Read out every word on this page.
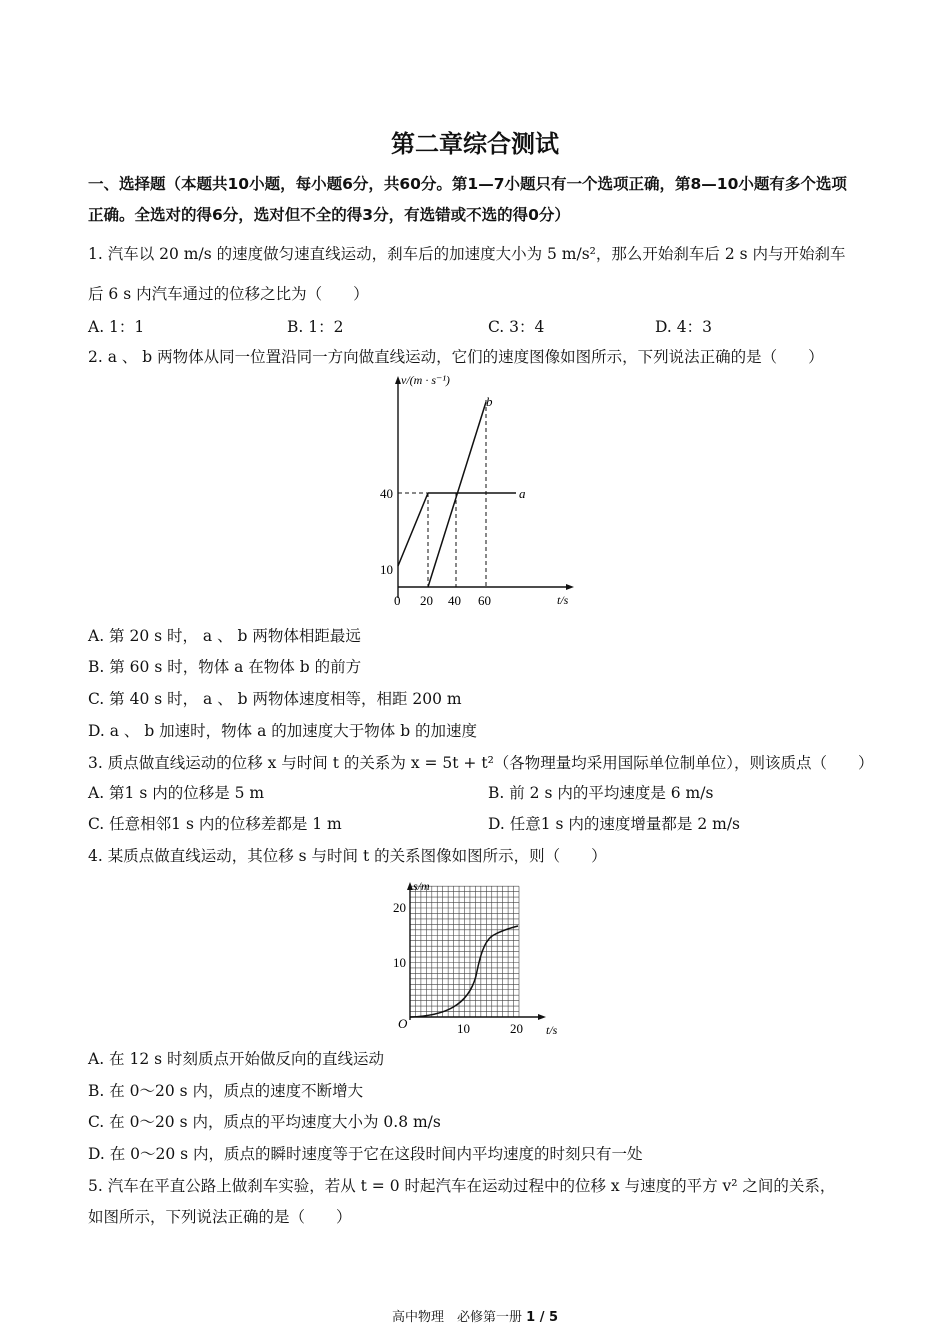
第二章综合测试
一、选择题（本题共10小题，每小题6分，共60分。第1—7小题只有一个选项正确，第8—10小题有多个选项
正确。全选对的得6分，选对但不全的得3分，有选错或不选的得0分）
1. 汽车以 20 m/s 的速度做匀速直线运动，刹车后的加速度大小为 5 m/s²，那么开始刹车后 2 s 内与开始刹车
后 6 s 内汽车通过的位移之比为（　　）
A. 1：1	B. 1：2	C. 3：4	D. 4：3
2. a 、 b 两物体从同一位置沿同一方向做直线运动，它们的速度图像如图所示，下列说法正确的是（　　）
v/(m · s⁻¹)
t/s
a
b
0 20 40 60
10
40
A. 第 20 s 时， a 、 b 两物体相距最远
B. 第 60 s 时，物体 a 在物体 b 的前方
C. 第 40 s 时， a 、 b 两物体速度相等，相距 200 m
D. a 、 b 加速时，物体 a 的加速度大于物体 b 的加速度
3. 质点做直线运动的位移 x 与时间 t 的关系为 x = 5t + t²（各物理量均采用国际单位制单位），则该质点（　　）
A. 第1 s 内的位移是 5 m	B. 前 2 s 内的平均速度是 6 m/s
C. 任意相邻1 s 内的位移差都是 1 m	D. 任意1 s 内的速度增量都是 2 m/s
4. 某质点做直线运动，其位移 s 与时间 t 的关系图像如图所示，则（　　）
s/m
t/s
O	10	20
10
20
A. 在 12 s 时刻质点开始做反向的直线运动
B. 在 0～20 s 内，质点的速度不断增大
C. 在 0～20 s 内，质点的平均速度大小为 0.8 m/s
D. 在 0～20 s 内，质点的瞬时速度等于它在这段时间内平均速度的时刻只有一处
5. 汽车在平直公路上做刹车实验，若从 t = 0 时起汽车在运动过程中的位移 x 与速度的平方 v² 之间的关系，
如图所示，下列说法正确的是（　　）
高中物理　必修第一册 1 / 5
